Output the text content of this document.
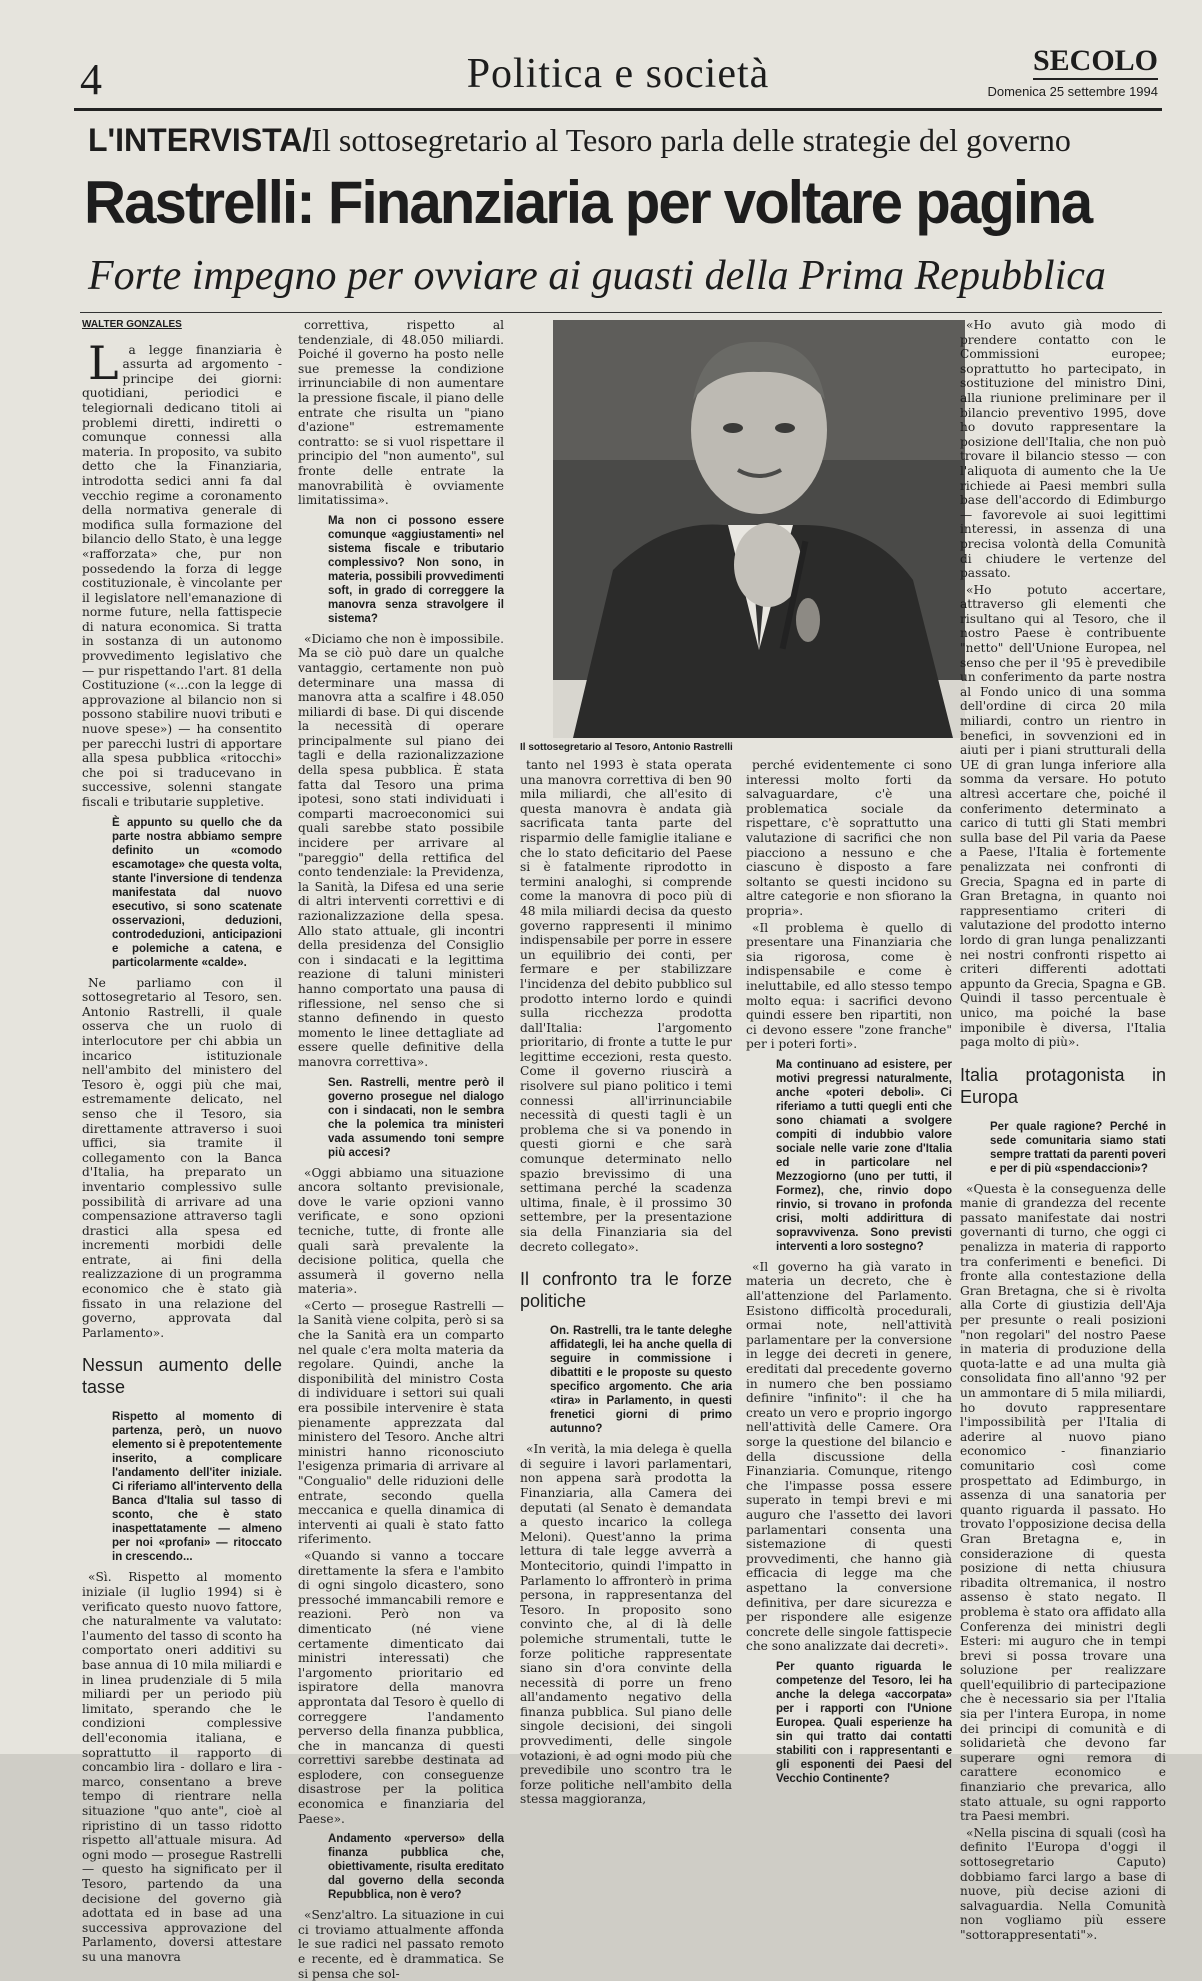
4	Politica e società	SECOLO
Domenica 25 settembre 1994
L'INTERVISTA/Il sottosegretario al Tesoro parla delle strategie del governo
Rastrelli: Finanziaria per voltare pagina
Forte impegno per ovviare ai guasti della Prima Repubblica
WALTER GONZALES

La legge finanziaria è assurta ad argomento - principe dei giorni: quotidiani, periodici e telegiornali dedicano titoli ai problemi diretti, indiretti o comunque connessi alla materia. In proposito, va subito detto che la Finanziaria, introdotta sedici anni fa dal vecchio regime a coronamento della normativa generale di modifica sulla formazione del bilancio dello Stato, è una legge «rafforzata» che, pur non possedendo la forza di legge costituzionale, è vincolante per il legislatore nell'emanazione di norme future, nella fattispecie di natura economica. Si tratta in sostanza di un autonomo provvedimento legislativo che — pur rispettando l'art. 81 della Costituzione («...con la legge di approvazione al bilancio non si possono stabilire nuovi tributi e nuove spese») — ha consentito per parecchi lustri di apportare alla spesa pubblica «ritocchi» che poi si traducevano in successive, solenni stangate fiscali e tributarie suppletive.

È appunto su quello che da parte nostra abbiamo sempre definito un «comodo escamotage» che questa volta, stante l'inversione di tendenza manifestata dal nuovo esecutivo, si sono scatenate osservazioni, deduzioni, controdeduzioni, anticipazioni e polemiche a catena, e particolarmente «calde».

Ne parliamo con il sottosegretario al Tesoro, sen. Antonio Rastrelli, il quale osserva che un ruolo di interlocutore per chi abbia un incarico istituzionale nell'ambito del ministero del Tesoro è, oggi più che mai, estremamente delicato, nel senso che il Tesoro, sia direttamente attraverso i suoi uffici, sia tramite il collegamento con la Banca d'Italia, ha preparato un inventario complessivo sulle possibilità di arrivare ad una compensazione attraverso tagli drastici alla spesa ed incrementi morbidi delle entrate, ai fini della realizzazione di un programma economico che è stato già fissato in una relazione del governo, approvata dal Parlamento».

Nessun aumento delle tasse

Rispetto al momento di partenza, però, un nuovo elemento si è prepotentemente inserito, a complicare l'andamento dell'iter iniziale. Ci riferiamo all'intervento della Banca d'Italia sul tasso di sconto, che è stato inaspettatamente — almeno per noi «profani» — ritoccato in crescendo...

«Sì. Rispetto al momento iniziale (il luglio 1994) si è verificato questo nuovo fattore, che naturalmente va valutato: l'aumento del tasso di sconto ha comportato oneri additivi su base annua di 10 mila miliardi e in linea prudenziale di 5 mila miliardi per un periodo più limitato, sperando che le condizioni complessive dell'economia italiana, e soprattutto il rapporto di concambio lira - dollaro e lira - marco, consentano a breve tempo di rientrare nella situazione "quo ante", cioè al ripristino di un tasso ridotto rispetto all'attuale misura. Ad ogni modo — prosegue Rastrelli — questo ha significato per il Tesoro, partendo da una decisione del governo già adottata ed in base ad una successiva approvazione del Parlamento, doversi attestare su una manovra

correttiva, rispetto al tendenziale, di 48.050 miliardi. Poiché il governo ha posto nelle sue premesse la condizione irrinunciabile di non aumentare la pressione fiscale, il piano delle entrate che risulta un "piano d'azione" estremamente contratto: se si vuol rispettare il principio del "non aumento", sul fronte delle entrate la manovrabilità è ovviamente limitatissima».

Ma non ci possono essere comunque «aggiustamenti» nel sistema fiscale e tributario complessivo? Non sono, in materia, possibili provvedimenti soft, in grado di correggere la manovra senza stravolgere il sistema?

«Diciamo che non è impossibile. Ma se ciò può dare un qualche vantaggio, certamente non può determinare una massa di manovra atta a scalfire i 48.050 miliardi di base. Di qui discende la necessità di operare principalmente sul piano dei tagli e della razionalizzazione della spesa pubblica. È stata fatta dal Tesoro una prima ipotesi, sono stati individuati i comparti macroeconomici sui quali sarebbe stato possibile incidere per arrivare al "pareggio" della rettifica del conto tendenziale: la Previdenza, la Sanità, la Difesa ed una serie di altri interventi correttivi e di razionalizzazione della spesa. Allo stato attuale, gli incontri della presidenza del Consiglio con i sindacati e la legittima reazione di taluni ministeri hanno comportato una pausa di riflessione, nel senso che si stanno definendo in questo momento le linee dettagliate ad essere quelle definitive della manovra correttiva».

Sen. Rastrelli, mentre però il governo prosegue nel dialogo con i sindacati, non le sembra che la polemica tra ministeri vada assumendo toni sempre più accesi?

«Oggi abbiamo una situazione ancora soltanto previsionale, dove le varie opzioni vanno verificate, e sono opzioni tecniche, tutte, di fronte alle quali sarà prevalente la decisione politica, quella che assumerà il governo nella materia».

«Certo — prosegue Rastrelli — la Sanità viene colpita, però si sa che la Sanità era un comparto nel quale c'era molta materia da regolare. Quindi, anche la disponibilità del ministro Costa di individuare i settori sui quali era possibile intervenire è stata pienamente apprezzata dal ministero del Tesoro. Anche altri ministri hanno riconosciuto l'esigenza primaria di arrivare al "Congualio" delle riduzioni delle entrate, secondo quella meccanica e quella dinamica di interventi ai quali è stato fatto riferimento.

«Quando si vanno a toccare direttamente la sfera e l'ambito di ogni singolo dicastero, sono pressoché immancabili remore e reazioni. Però non va dimenticato (né viene certamente dimenticato dai ministri interessati) che l'argomento prioritario ed ispiratore della manovra approntata dal Tesoro è quello di correggere l'andamento perverso della finanza pubblica, che in mancanza di questi correttivi sarebbe destinata ad esplodere, con conseguenze disastrose per la politica economica e finanziaria del Paese».

Andamento «perverso» della finanza pubblica che, obiettivamente, risulta ereditato dal governo della seconda Repubblica, non è vero?

«Senz'altro. La situazione in cui ci troviamo attualmente affonda le sue radici nel passato remoto e recente, ed è drammatica. Se si pensa che sol-

Il sottosegretario al Tesoro, Antonio Rastrelli

tanto nel 1993 è stata operata una manovra correttiva di ben 90 mila miliardi, che all'esito di questa manovra è andata già sacrificata tanta parte del risparmio delle famiglie italiane e che lo stato deficitario del Paese si è fatalmente riprodotto in termini analoghi, si comprende come la manovra di poco più di 48 mila miliardi decisa da questo governo rappresenti il minimo indispensabile per porre in essere un equilibrio dei conti, per fermare e per stabilizzare l'incidenza del debito pubblico sul prodotto interno lordo e quindi sulla ricchezza prodotta dall'Italia: l'argomento prioritario, di fronte a tutte le pur legittime eccezioni, resta questo. Come il governo riuscirà a risolvere sul piano politico i temi connessi all'irrinunciabile necessità di questi tagli è un problema che si va ponendo in questi giorni e che sarà comunque determinato nello spazio brevissimo di una settimana perché la scadenza ultima, finale, è il prossimo 30 settembre, per la presentazione sia della Finanziaria sia del decreto collegato».

Il confronto tra le forze politiche

On. Rastrelli, tra le tante deleghe affidategli, lei ha anche quella di seguire in commissione i dibattiti e le proposte su questo specifico argomento. Che aria «tira» in Parlamento, in questi frenetici giorni di primo autunno?

«In verità, la mia delega è quella di seguire i lavori parlamentari, non appena sarà prodotta la Finanziaria, alla Camera dei deputati (al Senato è demandata a questo incarico la collega Meloni). Quest'anno la prima lettura di tale legge avverrà a Montecitorio, quindi l'impatto in Parlamento lo affronterò in prima persona, in rappresentanza del Tesoro. In proposito sono convinto che, al di là delle polemiche strumentali, tutte le forze politiche rappresentate siano sin d'ora convinte della necessità di porre un freno all'andamento negativo della finanza pubblica. Sul piano delle singole decisioni, dei singoli provvedimenti, delle singole votazioni, è ad ogni modo più che prevedibile uno scontro tra le forze politiche nell'ambito della stessa maggioranza,

perché evidentemente ci sono interessi molto forti da salvaguardare, c'è una problematica sociale da rispettare, c'è soprattutto una valutazione di sacrifici che non piacciono a nessuno e che ciascuno è disposto a fare soltanto se questi incidono su altre categorie e non sfiorano la propria».

«Il problema è quello di presentare una Finanziaria che sia rigorosa, come è indispensabile e come è ineluttabile, ed allo stesso tempo molto equa: i sacrifici devono quindi essere ben ripartiti, non ci devono essere "zone franche" per i poteri forti».

Ma continuano ad esistere, per motivi pregressi naturalmente, anche «poteri deboli». Ci riferiamo a tutti quegli enti che sono chiamati a svolgere compiti di indubbio valore sociale nelle varie zone d'Italia ed in particolare nel Mezzogiorno (uno per tutti, il Formez), che, rinvio dopo rinvio, si trovano in profonda crisi, molti addirittura di sopravvivenza. Sono previsti interventi a loro sostegno?

«Il governo ha già varato in materia un decreto, che è all'attenzione del Parlamento. Esistono difficoltà procedurali, ormai note, nell'attività parlamentare per la conversione in legge dei decreti in genere, ereditati dal precedente governo in numero che ben possiamo definire "infinito": il che ha creato un vero e proprio ingorgo nell'attività delle Camere. Ora sorge la questione del bilancio e della discussione della Finanziaria. Comunque, ritengo che l'impasse possa essere superato in tempi brevi e mi auguro che l'assetto dei lavori parlamentari consenta una sistemazione di questi provvedimenti, che hanno già efficacia di legge ma che aspettano la conversione definitiva, per dare sicurezza e per rispondere alle esigenze concrete delle singole fattispecie che sono analizzate dai decreti».

Per quanto riguarda le competenze del Tesoro, lei ha anche la delega «accorpata» per i rapporti con l'Unione Europea. Quali esperienze ha sin qui tratto dai contatti stabiliti con i rappresentanti e gli esponenti dei Paesi del Vecchio Continente?

«Ho avuto già modo di prendere contatto con le Commissioni europee; soprattutto ho partecipato, in sostituzione del ministro Dini, alla riunione preliminare per il bilancio preventivo 1995, dove ho dovuto rappresentare la posizione dell'Italia, che non può trovare il bilancio stesso — con l'aliquota di aumento che la Ue richiede ai Paesi membri sulla base dell'accordo di Edimburgo — favorevole ai suoi legittimi interessi, in assenza di una precisa volontà della Comunità di chiudere le vertenze del passato.

«Ho potuto accertare, attraverso gli elementi che risultano qui al Tesoro, che il nostro Paese è contribuente "netto" dell'Unione Europea, nel senso che per il '95 è prevedibile un conferimento da parte nostra al Fondo unico di una somma dell'ordine di circa 20 mila miliardi, contro un rientro in benefici, in sovvenzioni ed in aiuti per i piani strutturali della UE di gran lunga inferiore alla somma da versare. Ho potuto altresì accertare che, poiché il conferimento determinato a carico di tutti gli Stati membri sulla base del Pil varia da Paese a Paese, l'Italia è fortemente penalizzata nei confronti di Grecia, Spagna ed in parte di Gran Bretagna, in quanto noi rappresentiamo criteri di valutazione del prodotto interno lordo di gran lunga penalizzanti nei nostri confronti rispetto ai criteri differenti adottati appunto da Grecia, Spagna e GB. Quindi il tasso percentuale è unico, ma poiché la base imponibile è diversa, l'Italia paga molto di più».

Italia protagonista in Europa

Per quale ragione? Perché in sede comunitaria siamo stati sempre trattati da parenti poveri e per di più «spendaccioni»?

«Questa è la conseguenza delle manie di grandezza del recente passato manifestate dai nostri governanti di turno, che oggi ci penalizza in materia di rapporto tra conferimenti e benefici. Di fronte alla contestazione della Gran Bretagna, che si è rivolta alla Corte di giustizia dell'Aja per presunte o reali posizioni "non regolari" del nostro Paese in materia di produzione della quota-latte e ad una multa già consolidata fino all'anno '92 per un ammontare di 5 mila miliardi, ho dovuto rappresentare l'impossibilità per l'Italia di aderire al nuovo piano economico - finanziario comunitario così come prospettato ad Edimburgo, in assenza di una sanatoria per quanto riguarda il passato. Ho trovato l'opposizione decisa della Gran Bretagna e, in considerazione di questa posizione di netta chiusura ribadita oltremanica, il nostro assenso è stato negato. Il problema è stato ora affidato alla Conferenza dei ministri degli Esteri: mi auguro che in tempi brevi si possa trovare una soluzione per realizzare quell'equilibrio di partecipazione che è necessario sia per l'Italia sia per l'intera Europa, in nome dei principi di comunità e di solidarietà che devono far superare ogni remora di carattere economico e finanziario che prevarica, allo stato attuale, su ogni rapporto tra Paesi membri.

«Nella piscina di squali (così ha definito l'Europa d'oggi il sottosegretario Caputo) dobbiamo farci largo a base di nuove, più decise azioni di salvaguardia. Nella Comunità non vogliamo più essere "sottorappresentati"».
